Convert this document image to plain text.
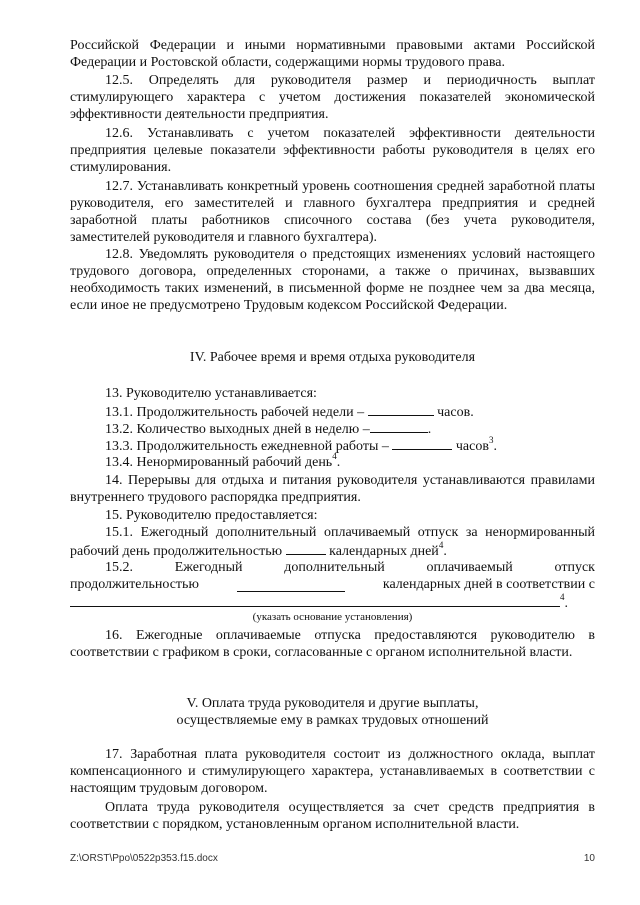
Российской Федерации и иными нормативными правовыми актами Российской Федерации и Ростовской области, содержащими нормы трудового права.
12.5. Определять для руководителя размер и периодичность выплат стимулирующего характера с учетом достижения показателей экономической эффективности деятельности предприятия.
12.6. Устанавливать с учетом показателей эффективности деятельности предприятия целевые показатели эффективности работы руководителя в целях его стимулирования.
12.7. Устанавливать конкретный уровень соотношения средней заработной платы руководителя, его заместителей и главного бухгалтера предприятия и средней заработной платы работников списочного состава (без учета руководителя, заместителей руководителя и главного бухгалтера).
12.8. Уведомлять руководителя о предстоящих изменениях условий настоящего трудового договора, определенных сторонами, а также о причинах, вызвавших необходимость таких изменений, в письменной форме не позднее чем за два месяца, если иное не предусмотрено Трудовым кодексом Российской Федерации.
IV. Рабочее время и время отдыха руководителя
13. Руководителю устанавливается:
13.1. Продолжительность рабочей недели –	часов.
13.2. Количество выходных дней в неделю –	.
13.3. Продолжительность ежедневной работы –	часов$^3$.
13.4. Ненормированный рабочий день$^4$.
14. Перерывы для отдыха и питания руководителя устанавливаются правилами внутреннего трудового распорядка предприятия.
15. Руководителю предоставляется:
15.1. Ежегодный дополнительный оплачиваемый отпуск за ненормированный
рабочий день продолжительностью	календарных дней$^4$.
15.2. Ежегодный дополнительный оплачиваемый отпуск
продолжительностью	календарных дней в соответствии с
$^4$.
(указать основание установления)
16. Ежегодные оплачиваемые отпуска предоставляются руководителю в соответствии с графиком в сроки, согласованные с органом исполнительной власти.
V. Оплата труда руководителя и другие выплаты,
осуществляемые ему в рамках трудовых отношений
17. Заработная плата руководителя состоит из должностного оклада, выплат компенсационного и стимулирующего характера, устанавливаемых в соответствии с настоящим трудовым договором.
Оплата труда руководителя осуществляется за счет средств предприятия в соответствии с порядком, установленным органом исполнительной власти.
Z:\ORST\Ppo\0522p353.f15.docx	10
